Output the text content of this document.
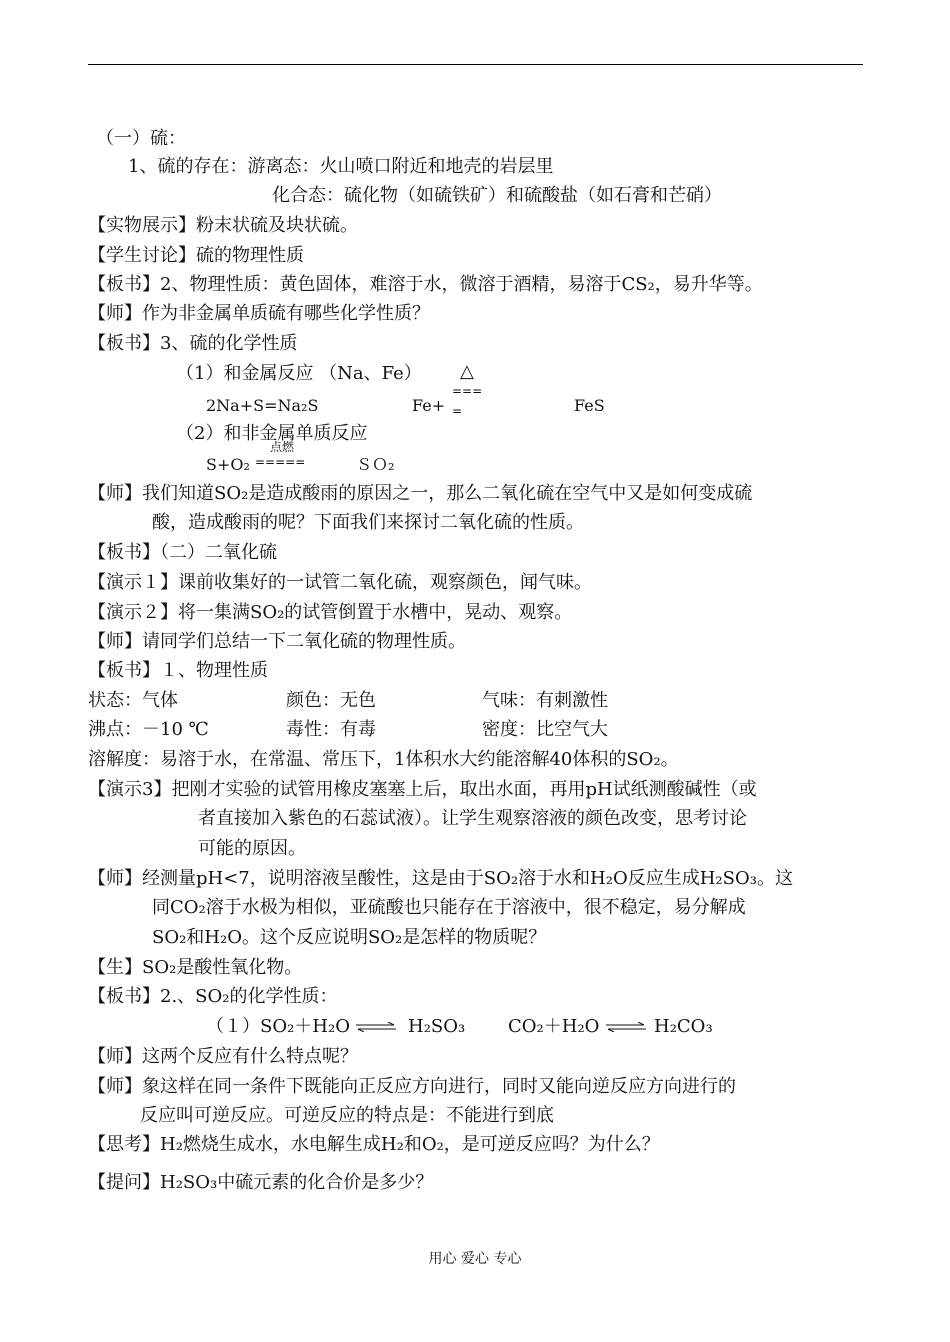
（一）硫：
1、硫的存在：游离态：火山喷口附近和地壳的岩层里
化合态：硫化物（如硫铁矿）和硫酸盐（如石膏和芒硝）
【实物展示】粉末状硫及块状硫。
【学生讨论】硫的物理性质
【板书】2、物理性质：黄色固体，难溶于水，微溶于酒精，易溶于CS₂，易升华等。
【师】作为非金属单质硫有哪些化学性质？
【板书】3、硫的化学性质
（1）和金属反应 （Na、Fe） △
===
=
2Na+S=Na₂S	Fe+	FeS
（2）和非金属单质反应
点燃
S+O₂ =====	ＳＯ₂
【师】我们知道SO₂是造成酸雨的原因之一，那么二氧化硫在空气中又是如何变成硫
酸，造成酸雨的呢？下面我们来探讨二氧化硫的性质。
【板书】（二）二氧化硫
【演示１】课前收集好的一试管二氧化硫，观察颜色，闻气味。
【演示２】将一集满SO₂的试管倒置于水槽中，晃动、观察。
【师】请同学们总结一下二氧化硫的物理性质。
【板书】１、物理性质
状态：气体	颜色：无色	气味：有刺激性
沸点：－10 ℃	毒性：有毒	密度：比空气大
溶解度：易溶于水，在常温、常压下，1体积水大约能溶解40体积的SO₂。
【演示3】把刚才实验的试管用橡皮塞塞上后，取出水面，再用pH试纸测酸碱性（或
者直接加入紫色的石蕊试液）。让学生观察溶液的颜色改变，思考讨论
可能的原因。
【师】经测量pH<7，说明溶液呈酸性，这是由于SO₂溶于水和H₂O反应生成H₂SO₃。这
同CO₂溶于水极为相似，亚硫酸也只能存在于溶液中，很不稳定，易分解成
SO₂和H₂O。这个反应说明SO₂是怎样的物质呢？
【生】SO₂是酸性氧化物。
【板书】2.、SO₂的化学性质：
（１）SO₂＋H₂O ⇌ H₂SO₃ CO₂＋H₂O ⇌ H₂CO₃
【师】这两个反应有什么特点呢？
【师】象这样在同一条件下既能向正反应方向进行，同时又能向逆反应方向进行的
反应叫可逆反应。可逆反应的特点是：不能进行到底
【思考】H₂燃烧生成水，水电解生成H₂和O₂，是可逆反应吗？为什么？
【提问】H₂SO₃中硫元素的化合价是多少？
用心 爱心 专心
